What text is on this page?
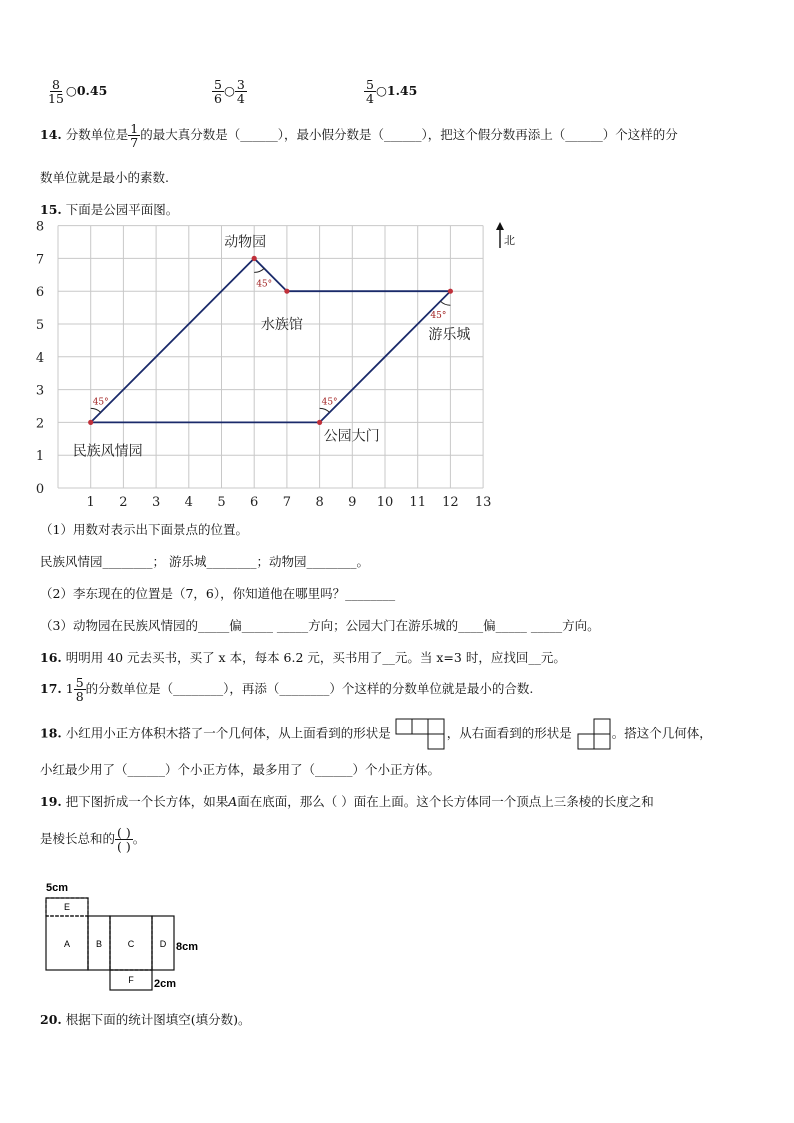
$\frac{8}{15}$ ○0.45	$\frac{5}{6}$ ○ $\frac{3}{4}$	$\frac{5}{4}$ ○1.45
14. 分数单位是 $\frac{1}{7}$ 的最大真分数是（______），最小假分数是（______），把这个假分数再添上（______）个这样的分
数单位就是最小的素数.
15. 下面是公园平面图。
1 2 3 4 5 6 7 8 9 10 11 12 13
0
1
2
3
4
5
6
7
8
动物园
水族馆
游乐城
公园大门
民族风情园
45°	45°
45°
45°
北
（1）用数对表示出下面景点的位置。
民族风情园________； 游乐城________；动物园________。
（2）李东现在的位置是（7，6），你知道他在哪里吗？________
（3）动物园在民族风情园的_____偏_____ _____方向；公园大门在游乐城的____偏_____ _____方向。
16. 明明用 40 元去买书，买了 x 本，每本 6.2 元，买书用了__元。当 x=3 时，应找回__元。
17. $1 \frac{5}{8}$ 的分数单位是（________），再添（________）个这样的分数单位就是最小的合数.
18. 小红用小正方体积木搭了一个几何体，从上面看到的形状是	，从右面看到的形状是	。搭这个几何体，
小红最少用了（______）个小正方体，最多用了（______）个小正方体。
19. 把下图折成一个长方体，如果A面在底面，那么（ ）面在上面。这个长方体同一个顶点上三条棱的长度之和
是棱长总和的 $\frac{( )}{( )}$ 。
5cm
8cm
2cm
E
A	B	C	D
F
20. 根据下面的统计图填空(填分数)。
